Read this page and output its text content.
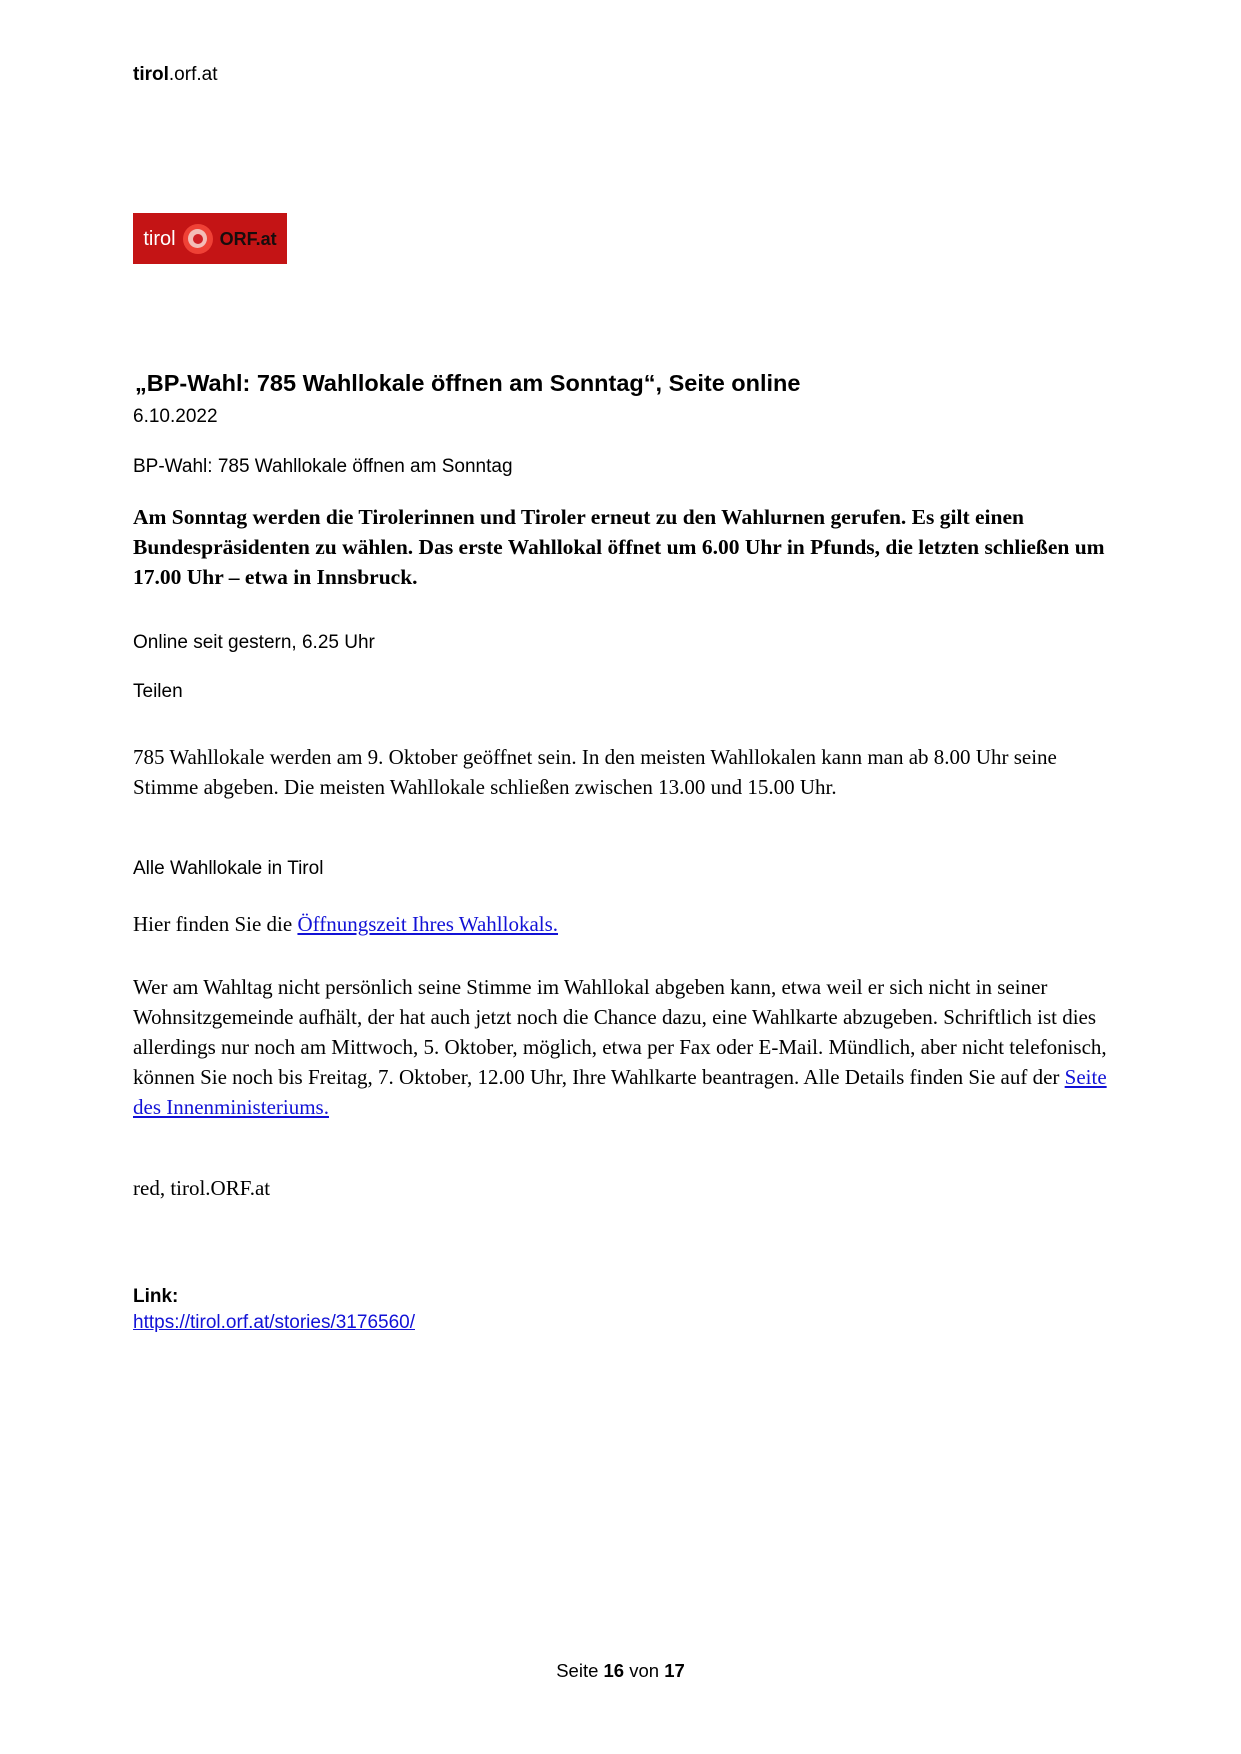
tirol.orf.at
tirol ORF.at
„BP-Wahl: 785 Wahllokale öffnen am Sonntag“, Seite online
6.10.2022
BP-Wahl: 785 Wahllokale öffnen am Sonntag

Am Sonntag werden die Tirolerinnen und Tiroler erneut zu den Wahlurnen gerufen. Es gilt einen Bundespräsidenten zu wählen. Das erste Wahllokal öffnet um 6.00 Uhr in Pfunds, die letzten schließen um 17.00 Uhr – etwa in Innsbruck.

Online seit gestern, 6.25 Uhr
Teilen

785 Wahllokale werden am 9. Oktober geöffnet sein. In den meisten Wahllokalen kann man ab 8.00 Uhr seine Stimme abgeben. Die meisten Wahllokale schließen zwischen 13.00 und 15.00 Uhr.

Alle Wahllokale in Tirol

Hier finden Sie die Öffnungszeit Ihres Wahllokals.

Wer am Wahltag nicht persönlich seine Stimme im Wahllokal abgeben kann, etwa weil er sich nicht in seiner Wohnsitzgemeinde aufhält, der hat auch jetzt noch die Chance dazu, eine Wahlkarte abzugeben. Schriftlich ist dies allerdings nur noch am Mittwoch, 5. Oktober, möglich, etwa per Fax oder E-Mail. Mündlich, aber nicht telefonisch, können Sie noch bis Freitag, 7. Oktober, 12.00 Uhr, Ihre Wahlkarte beantragen. Alle Details finden Sie auf der Seite des Innenministeriums.

red, tirol.ORF.at
Link:
https://tirol.orf.at/stories/3176560/
Seite 16 von 17
